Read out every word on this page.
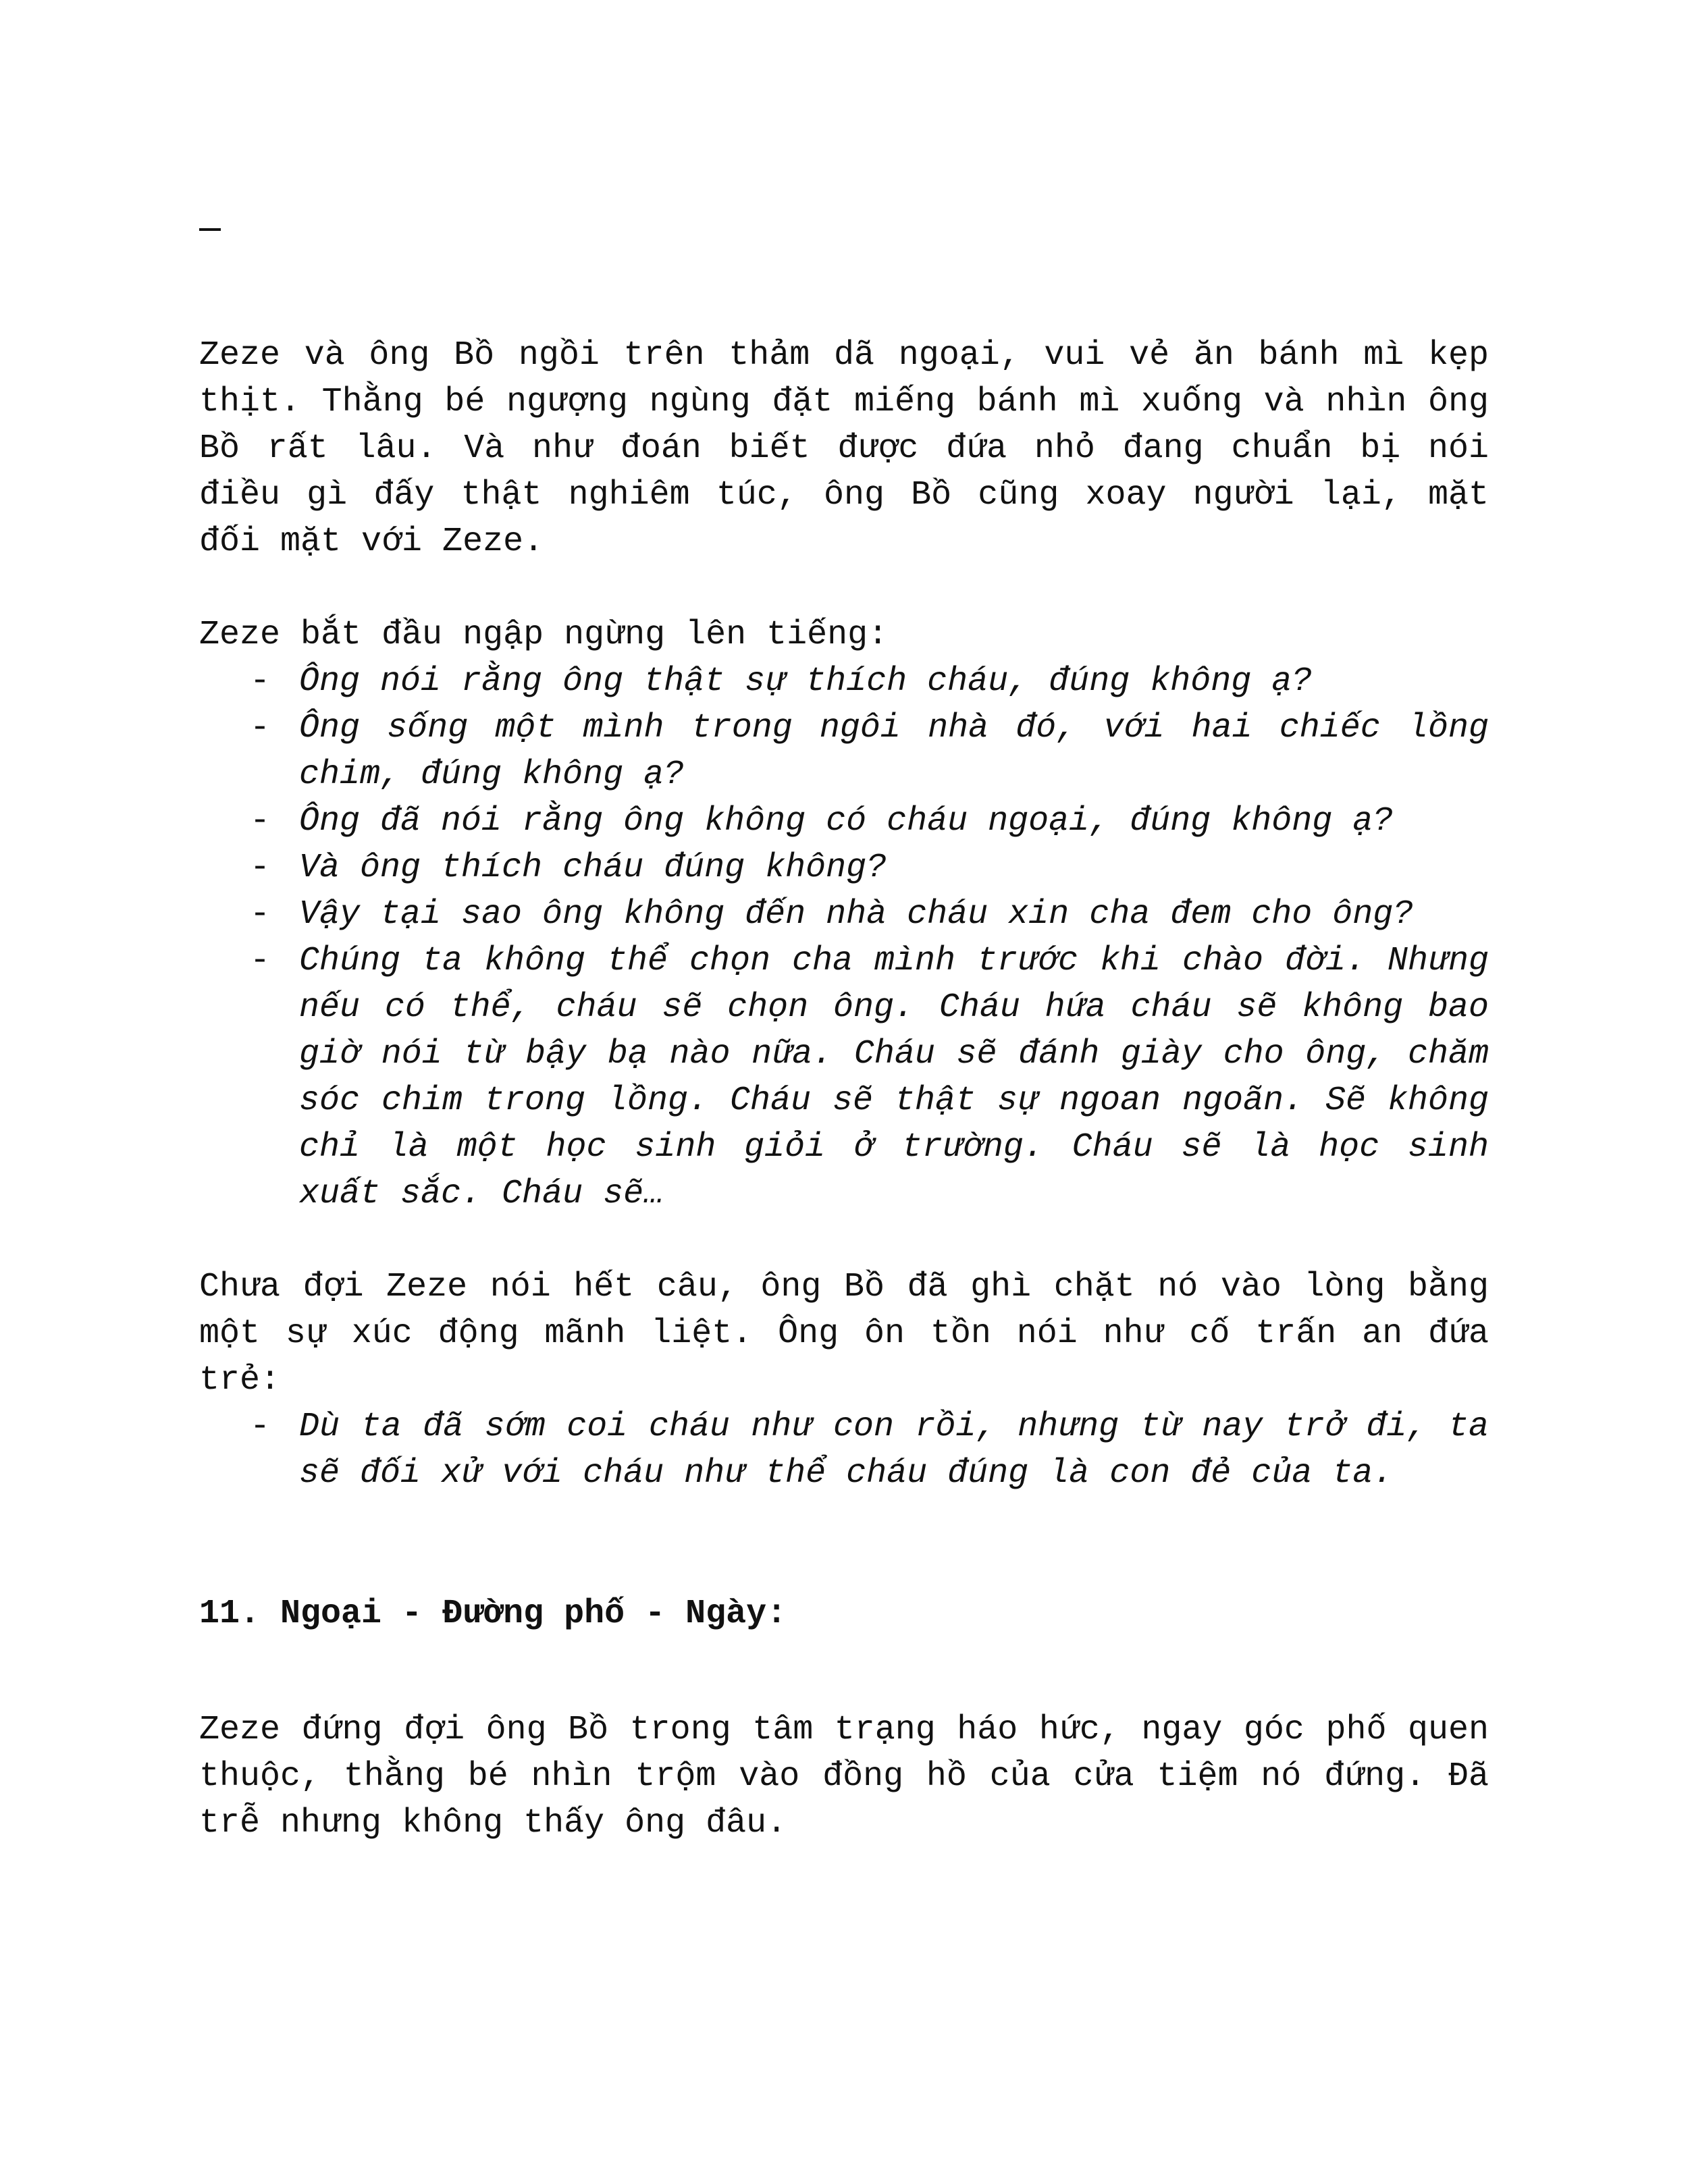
Zeze và ông Bồ ngồi trên thảm dã ngoại, vui vẻ ăn bánh mì kẹp thịt. Thằng bé ngượng ngùng đặt miếng bánh mì xuống và nhìn ông Bồ rất lâu. Và như đoán biết được đứa nhỏ đang chuẩn bị nói điều gì đấy thật nghiêm túc, ông Bồ cũng xoay người lại, mặt đối mặt với Zeze.

Zeze bắt đầu ngập ngừng lên tiếng:

- Ông nói rằng ông thật sự thích cháu, đúng không ạ?
- Ông sống một mình trong ngôi nhà đó, với hai chiếc lồng chim, đúng không ạ?
- Ông đã nói rằng ông không có cháu ngoại, đúng không ạ?
- Và ông thích cháu đúng không?
- Vậy tại sao ông không đến nhà cháu xin cha đem cho ông?
- Chúng ta không thể chọn cha mình trước khi chào đời. Nhưng nếu có thể, cháu sẽ chọn ông. Cháu hứa cháu sẽ không bao giờ nói từ bậy bạ nào nữa. Cháu sẽ đánh giày cho ông, chăm sóc chim trong lồng. Cháu sẽ thật sự ngoan ngoãn. Sẽ không chỉ là một học sinh giỏi ở trường. Cháu sẽ là học sinh xuất sắc. Cháu sẽ…

Chưa đợi Zeze nói hết câu, ông Bồ đã ghì chặt nó vào lòng bằng một sự xúc động mãnh liệt. Ông ôn tồn nói như cố trấn an đứa trẻ:

- Dù ta đã sớm coi cháu như con rồi, nhưng từ nay trở đi, ta sẽ đối xử với cháu như thể cháu đúng là con đẻ của ta.
11. Ngoại - Đường phố - Ngày:

Zeze đứng đợi ông Bồ trong tâm trạng háo hức, ngay góc phố quen thuộc, thằng bé nhìn trộm vào đồng hồ của cửa tiệm nó đứng. Đã trễ nhưng không thấy ông đâu.
